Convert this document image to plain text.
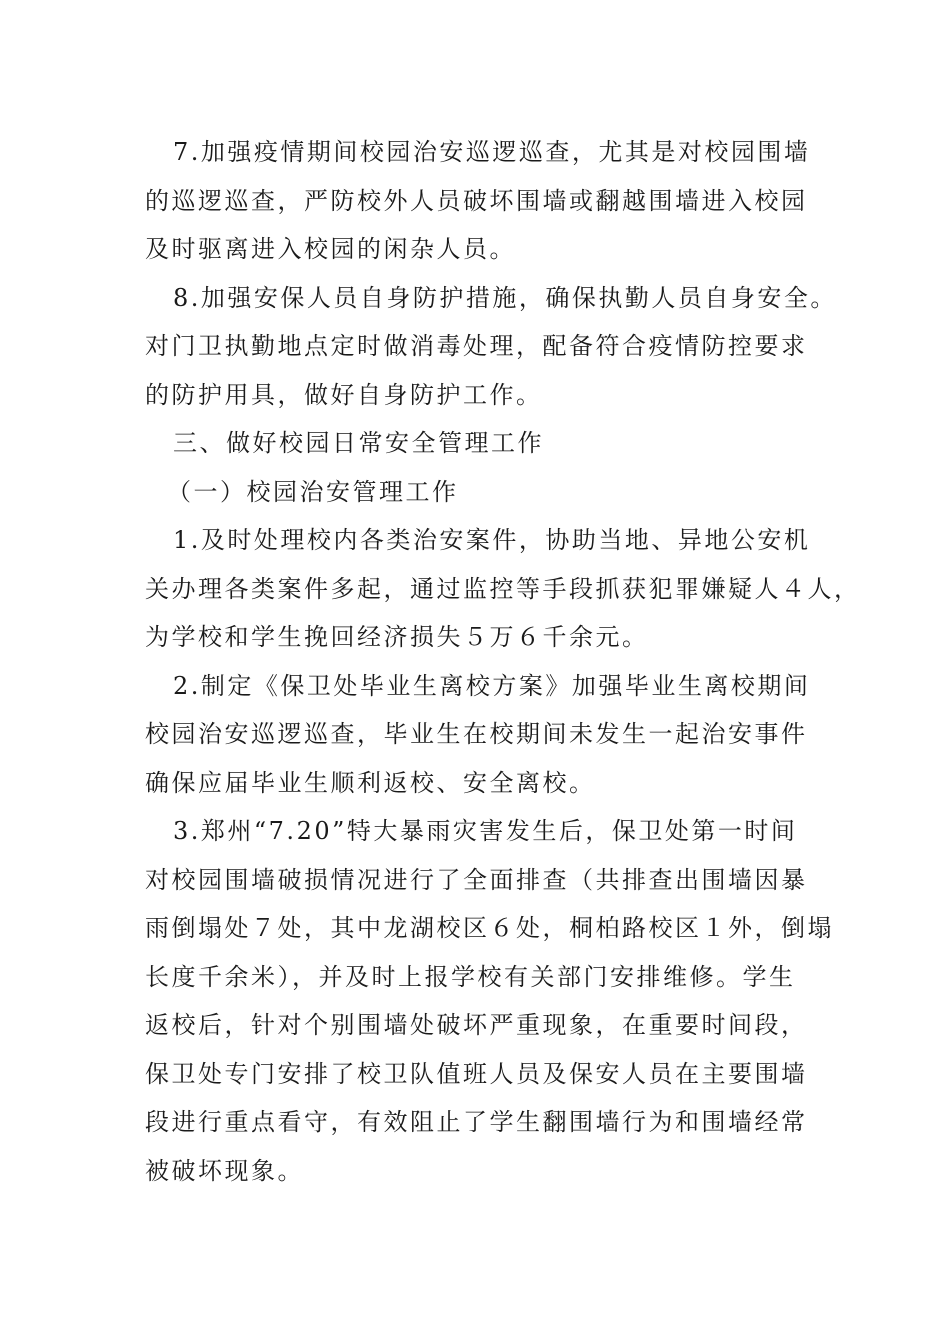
7.加强疫情期间校园治安巡逻巡查，尤其是对校园围墙
的巡逻巡查，严防校外人员破坏围墙或翻越围墙进入校园
及时驱离进入校园的闲杂人员。
8.加强安保人员自身防护措施，确保执勤人员自身安全。
对门卫执勤地点定时做消毒处理，配备符合疫情防控要求
的防护用具，做好自身防护工作。
三、做好校园日常安全管理工作
（一）校园治安管理工作
1.及时处理校内各类治安案件，协助当地、异地公安机
关办理各类案件多起，通过监控等手段抓获犯罪嫌疑人４人，
为学校和学生挽回经济损失５万６千余元。
2.制定《保卫处毕业生离校方案》加强毕业生离校期间
校园治安巡逻巡查，毕业生在校期间未发生一起治安事件
确保应届毕业生顺利返校、安全离校。
3.郑州“7.20”特大暴雨灾害发生后，保卫处第一时间
对校园围墙破损情况进行了全面排查（共排查出围墙因暴
雨倒塌处７处，其中龙湖校区６处，桐柏路校区１外，倒塌
长度千余米），并及时上报学校有关部门安排维修。学生
返校后，针对个别围墙处破坏严重现象，在重要时间段，
保卫处专门安排了校卫队值班人员及保安人员在主要围墙
段进行重点看守，有效阻止了学生翻围墙行为和围墙经常
被破坏现象。
